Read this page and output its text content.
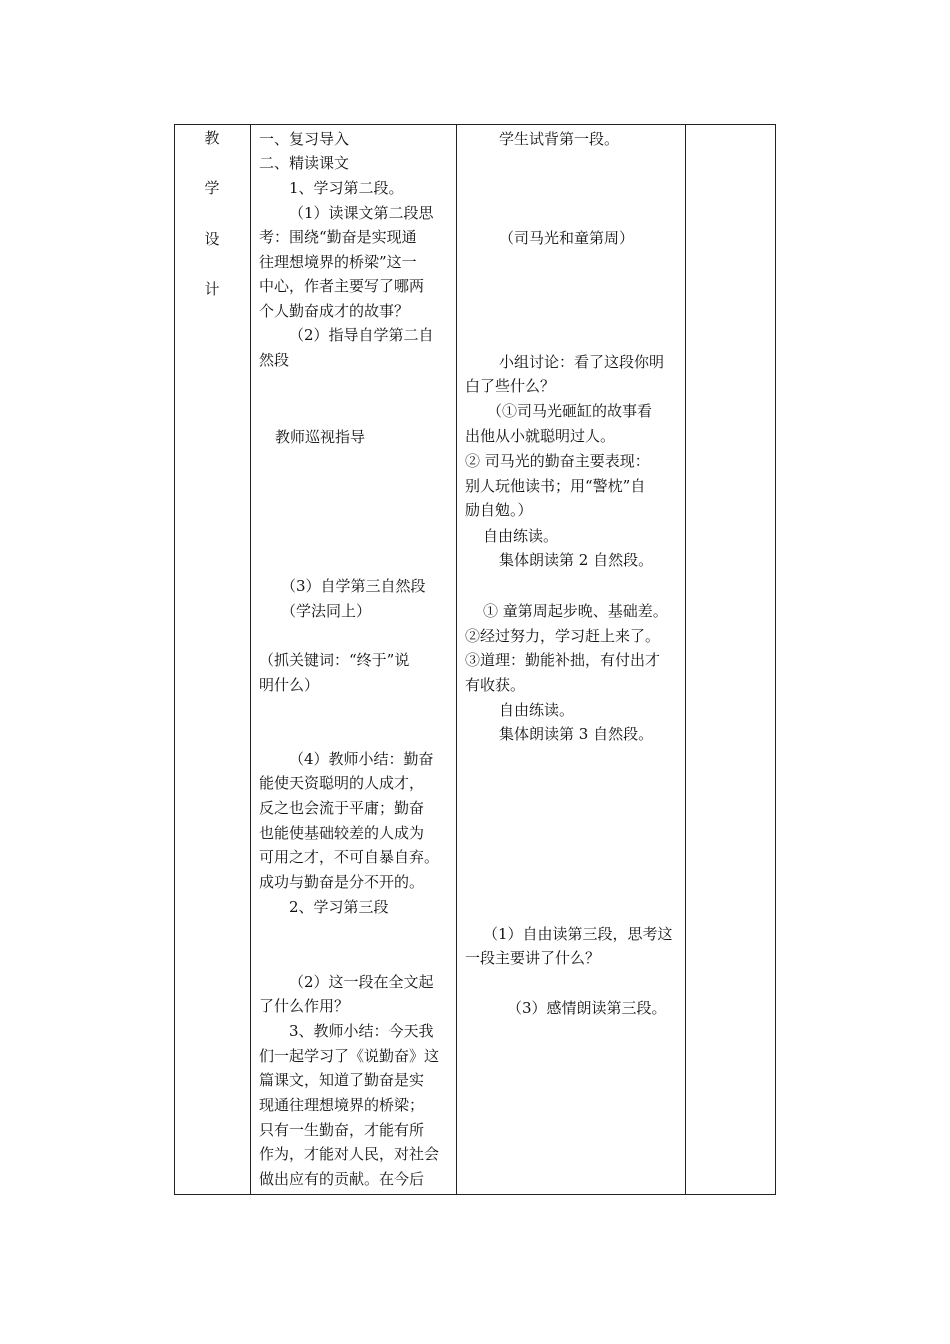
教
学
设
计
一、复习导入
二、精读课文
1、学习第二段。
（1）读课文第二段思
考：围绕“勤奋是实现通
往理想境界的桥梁”这一
中心，作者主要写了哪两
个人勤奋成才的故事？
（2）指导自学第二自
然段
教师巡视指导
（3）自学第三自然段
（学法同上）
（抓关键词：“终于”说
明什么）
（4）教师小结：勤奋
能使天资聪明的人成才，
反之也会流于平庸；勤奋
也能使基础较差的人成为
可用之才，不可自暴自弃。
成功与勤奋是分不开的。
2、学习第三段
（2）这一段在全文起
了什么作用？
3、教师小结：今天我
们一起学习了《说勤奋》这
篇课文，知道了勤奋是实
现通往理想境界的桥梁；
只有一生勤奋，才能有所
作为，才能对人民，对社会
做出应有的贡献。在今后
学生试背第一段。
（司马光和童第周）
小组讨论：看了这段你明
白了些什么？
（①司马光砸缸的故事看
出他从小就聪明过人。
② 司马光的勤奋主要表现：
别人玩他读书；用“警枕”自
励自勉。）
自由练读。
集体朗读第 2 自然段。
① 童第周起步晚、基础差。
②经过努力，学习赶上来了。
③道理：勤能补拙，有付出才
有收获。
自由练读。
集体朗读第 3 自然段。
（1）自由读第三段，思考这
一段主要讲了什么？
（3）感情朗读第三段。
